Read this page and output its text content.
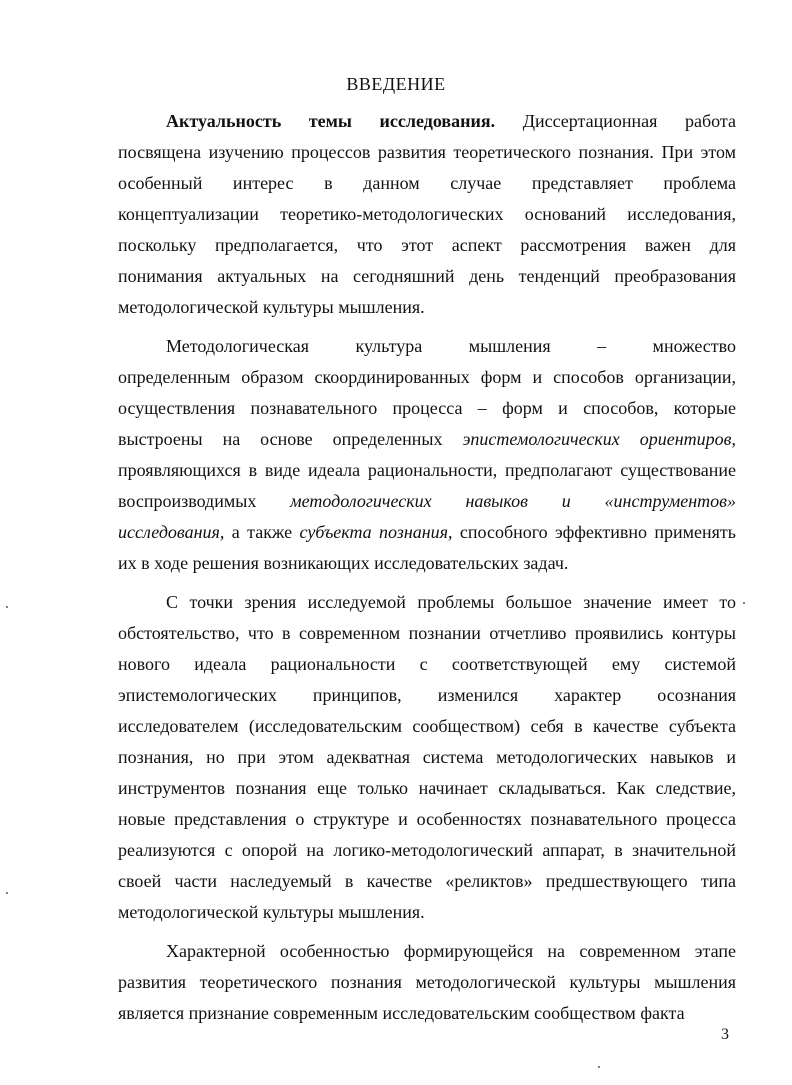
ВВЕДЕНИЕ
Актуальность темы исследования. Диссертационная работа
посвящена изучению процессов развития теоретического познания. При этом
особенный интерес в данном случае представляет проблема
концептуализации теоретико-методологических оснований исследования,
поскольку предполагается, что этот аспект рассмотрения важен для
понимания актуальных на сегодняшний день тенденций преобразования
методологической культуры мышления.
Методологическая культура мышления – множество
определенным образом скоординированных форм и способов организации,
осуществления познавательного процесса – форм и способов, которые
выстроены на основе определенных эпистемологических ориентиров,
проявляющихся в виде идеала рациональности, предполагают существование
воспроизводимых методологических навыков и «инструментов»
исследования, а также субъекта познания, способного эффективно применять
их в ходе решения возникающих исследовательских задач.
С точки зрения исследуемой проблемы большое значение имеет то
обстоятельство, что в современном познании отчетливо проявились контуры
нового идеала рациональности с соответствующей ему системой
эпистемологических принципов, изменился характер осознания
исследователем (исследовательским сообществом) себя в качестве субъекта
познания, но при этом адекватная система методологических навыков и
инструментов познания еще только начинает складываться. Как следствие,
новые представления о структуре и особенностях познавательного процесса
реализуются с опорой на логико-методологический аппарат, в значительной
своей части наследуемый в качестве «реликтов» предшествующего типа
методологической культуры мышления.
Характерной особенностью формирующейся на современном этапе
развития теоретического познания методологической культуры мышления
является признание современным исследовательским сообществом факта
3
